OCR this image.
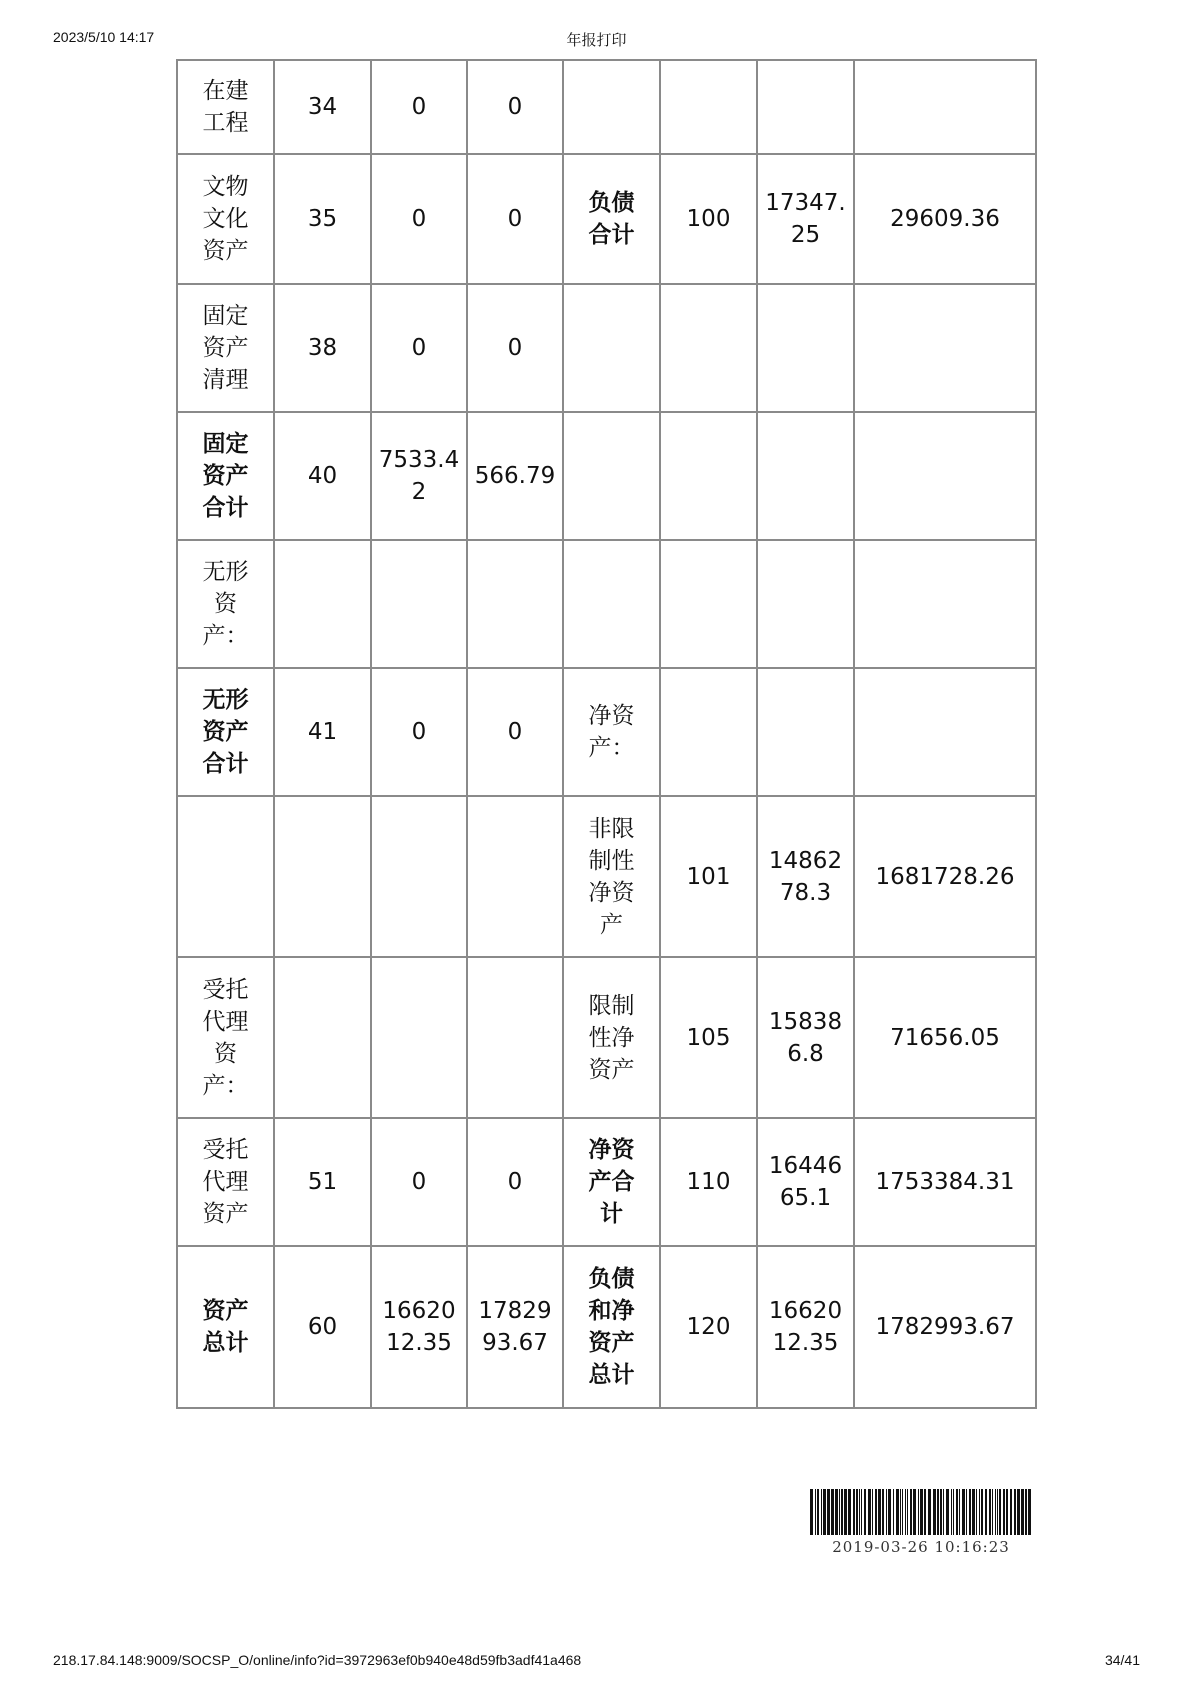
2023/5/10 14:17	年报打印
在建工程	34	0	0				
文物文化资产	35	0	0	负债合计	100	17347.25	29609.36
固定资产清理	38	0	0				
固定资产合计	40	7533.42	566.79				
无形资产：							
无形资产合计	41	0	0	净资产：			
				非限制性净资产	101	1486278.3	1681728.26
受托代理资产：				限制性净资产	105	158386.8	71656.05
受托代理资产	51	0	0	净资产合计	110	1644665.1	1753384.31
资产总计	60	1662012.35	1782993.67	负债和净资产总计	120	1662012.35	1782993.67
2019-03-26 10:16:23
218.17.84.148:9009/SOCSP_O/online/info?id=3972963ef0b940e48d59fb3adf41a468	34/41
